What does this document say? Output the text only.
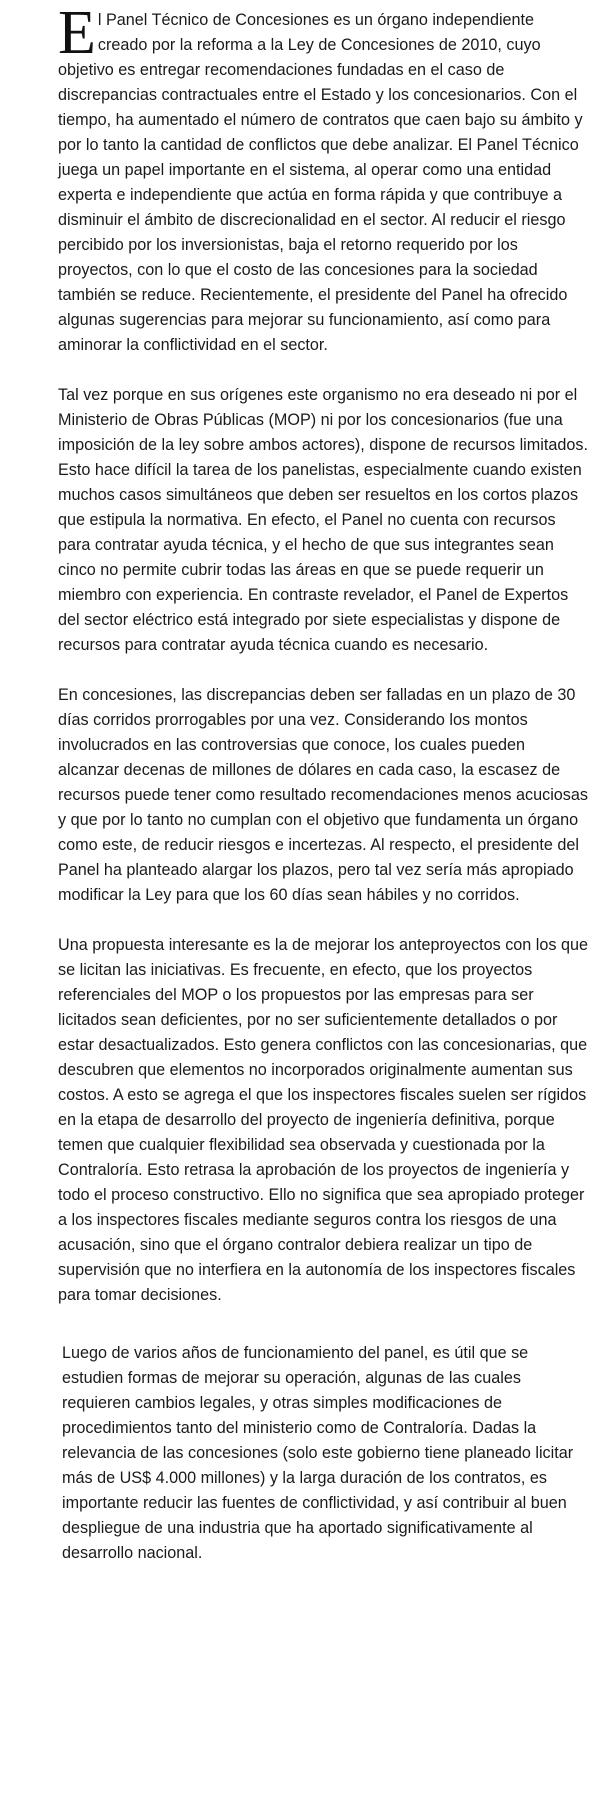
E l Panel Técnico de Concesiones es un órgano independiente creado por la reforma a la Ley de Concesiones de 2010, cuyo objetivo es entregar recomendaciones fundadas en el caso de discrepancias contractuales entre el Estado y los concesionarios. Con el tiempo, ha aumentado el número de contratos que caen bajo su ámbito y por lo tanto la cantidad de conflictos que debe analizar. El Panel Técnico juega un papel importante en el sistema, al operar como una entidad experta e independiente que actúa en forma rápida y que contribuye a disminuir el ámbito de discrecionalidad en el sector. Al reducir el riesgo percibido por los inversionistas, baja el retorno requerido por los proyectos, con lo que el costo de las concesiones para la sociedad también se reduce. Recientemente, el presidente del Panel ha ofrecido algunas sugerencias para mejorar su funcionamiento, así como para aminorar la conflictividad en el sector.

Tal vez porque en sus orígenes este organismo no era deseado ni por el Ministerio de Obras Públicas (MOP) ni por los concesionarios (fue una imposición de la ley sobre ambos actores), dispone de recursos limitados. Esto hace difícil la tarea de los panelistas, especialmente cuando existen muchos casos simultáneos que deben ser resueltos en los cortos plazos que estipula la normativa. En efecto, el Panel no cuenta con recursos para contratar ayuda técnica, y el hecho de que sus integrantes sean cinco no permite cubrir todas las áreas en que se puede requerir un miembro con experiencia. En contraste revelador, el Panel de Expertos del sector eléctrico está integrado por siete especialistas y dispone de recursos para contratar ayuda técnica cuando es necesario.

En concesiones, las discrepancias deben ser falladas en un plazo de 30 días corridos prorrogables por una vez. Considerando los montos involucrados en las controversias que conoce, los cuales pueden alcanzar decenas de millones de dólares en cada caso, la escasez de recursos puede tener como resultado recomendaciones menos acuciosas y que por lo tanto no cumplan con el objetivo que fundamenta un órgano como este, de reducir riesgos e incertezas. Al respecto, el presidente del Panel ha planteado alargar los plazos, pero tal vez sería más apropiado modificar la Ley para que los 60 días sean hábiles y no corridos.

Una propuesta interesante es la de mejorar los anteproyectos con los que se licitan las iniciativas. Es frecuente, en efecto, que los proyectos referenciales del MOP o los propuestos por las empresas para ser licitados sean deficientes, por no ser suficientemente detallados o por estar desactualizados. Esto genera conflictos con las concesionarias, que descubren que elementos no incorporados originalmente aumentan sus costos. A esto se agrega el que los inspectores fiscales suelen ser rígidos en la etapa de desarrollo del proyecto de ingeniería definitiva, porque temen que cualquier flexibilidad sea observada y cuestionada por la Contraloría. Esto retrasa la aprobación de los proyectos de ingeniería y todo el proceso constructivo. Ello no significa que sea apropiado proteger a los inspectores fiscales mediante seguros contra los riesgos de una acusación, sino que el órgano contralor debiera realizar un tipo de supervisión que no interfiera en la autonomía de los inspectores fiscales para tomar decisiones.

Luego de varios años de funcionamiento del panel, es útil que se estudien formas de mejorar su operación, algunas de las cuales requieren cambios legales, y otras simples modificaciones de procedimientos tanto del ministerio como de Contraloría. Dadas la relevancia de las concesiones (solo este gobierno tiene planeado licitar más de US$ 4.000 millones) y la larga duración de los contratos, es importante reducir las fuentes de conflictividad, y así contribuir al buen despliegue de una industria que ha aportado significativamente al desarrollo nacional.
